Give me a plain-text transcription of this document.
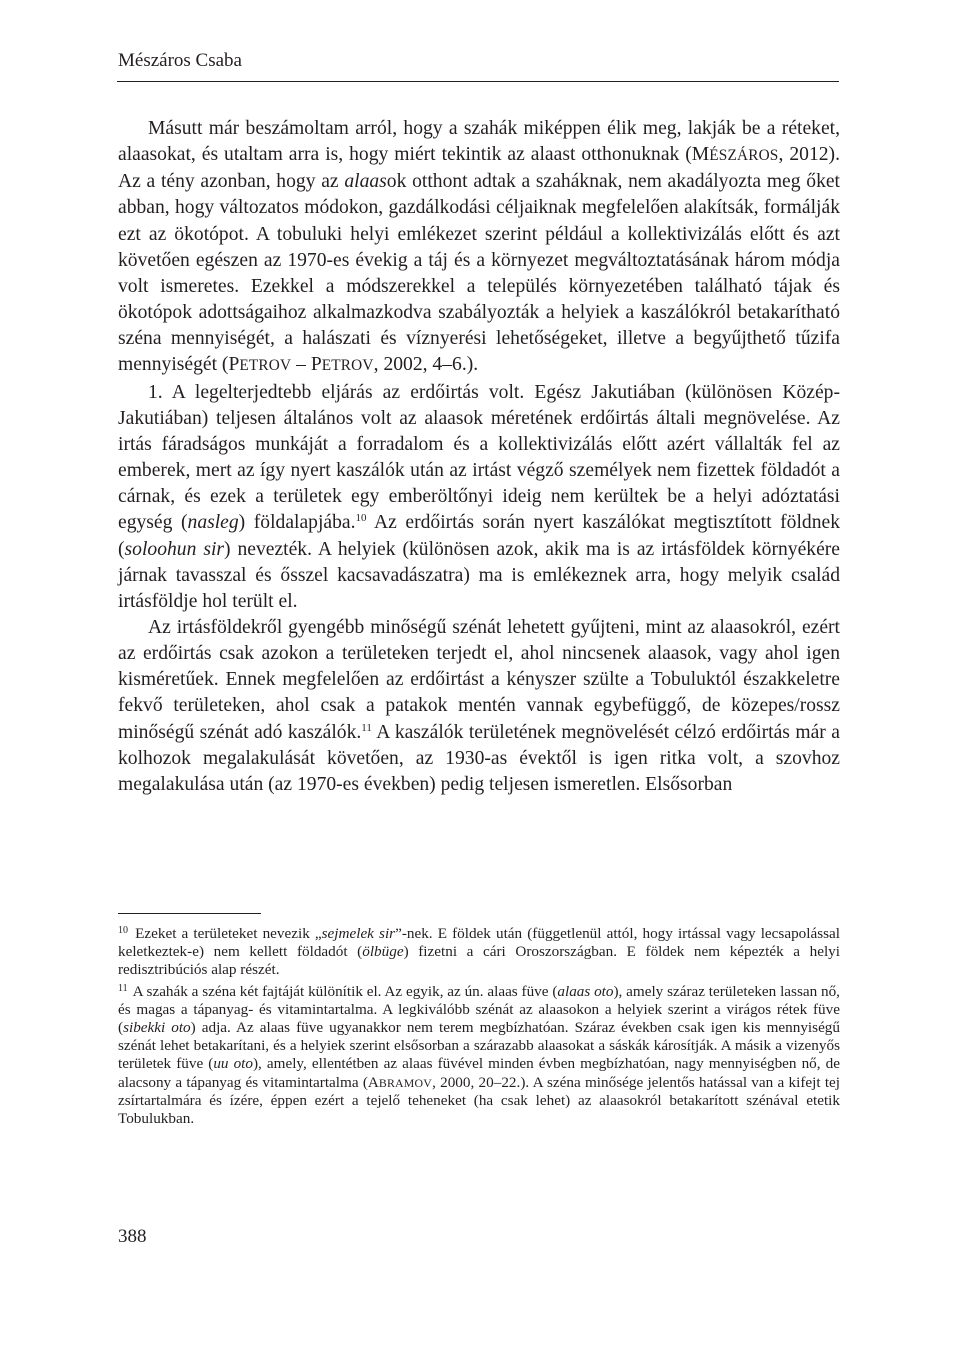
Mészáros Csaba

Másutt már beszámoltam arról, hogy a szahák miképpen élik meg, lakják be a réteket, alaasokat, és utaltam arra is, hogy miért tekintik az alaast otthonuknak (MÉSZÁROS, 2012). Az a tény azonban, hogy az alaasok otthont adtak a szaháknak, nem akadályozta meg őket abban, hogy változatos módokon, gazdálkodási céljaiknak megfelelően alakítsák, formálják ezt az ökotópot. A tobuluki helyi emlékezet szerint például a kollektivizálás előtt és azt követően egészen az 1970-es évekig a táj és a környezet megváltoztatásának három módja volt ismeretes. Ezekkel a módszerekkel a település környezetében található tájak és ökotópok adottságaihoz alkalmazkodva szabályozták a helyiek a kaszálókról betakarítható széna mennyiségét, a halászati és víznyerési lehetőségeket, illetve a begyűjthető tűzifa mennyiségét (PETROV – PETROV, 2002, 4–6.).

1. A legelterjedtebb eljárás az erdőirtás volt. Egész Jakutiában (különösen Közép-Jakutiában) teljesen általános volt az alaasok méretének erdőirtás általi megnövelése. Az irtás fáradságos munkáját a forradalom és a kollektivizálás előtt azért vállalták fel az emberek, mert az így nyert kaszálók után az irtást végző személyek nem fizettek földadót a cárnak, és ezek a területek egy emberöltőnyi ideig nem kerültek be a helyi adóztatási egység (nasleg) földalapjába.$^{10}$ Az erdőirtás során nyert kaszálókat megtisztított földnek (soloohun sir) nevezték. A helyiek (különösen azok, akik ma is az irtásföldek környékére járnak tavasszal és ősszel kacsavadászatra) ma is emlékeznek arra, hogy melyik család irtásföldje hol terült el.

Az irtásföldekről gyengébb minőségű szénát lehetett gyűjteni, mint az alaasokról, ezért az erdőirtás csak azokon a területeken terjedt el, ahol nincsenek alaasok, vagy ahol igen kisméretűek. Ennek megfelelően az erdőirtást a kényszer szülte a Tobuluktól északkeletre fekvő területeken, ahol csak a patakok mentén vannak egybefüggő, de közepes/rossz minőségű szénát adó kaszálók.$^{11}$ A kaszálók területének megnövelését célzó erdőirtás már a kolhozok megalakulását követően, az 1930-as évektől is igen ritka volt, a szovhoz megalakulása után (az 1970-es években) pedig teljesen ismeretlen. Elsősorban

$^{10}$ Ezeket a területeket nevezik „sejmelek sir”-nek. E földek után (függetlenül attól, hogy irtással vagy lecsapolással keletkeztek-e) nem kellett földadót (ölbüge) fizetni a cári Oroszországban. E földek nem képezték a helyi redisztribúciós alap részét.

$^{11}$ A szahák a széna két fajtáját különítik el. Az egyik, az ún. alaas füve (alaas oto), amely száraz területeken lassan nő, és magas a tápanyag- és vitamintartalma. A legkiválóbb szénát az alaasokon a helyiek szerint a virágos rétek füve (sibekki oto) adja. Az alaas füve ugyanakkor nem terem megbízhatóan. Száraz években csak igen kis mennyiségű szénát lehet betakarítani, és a helyiek szerint elsősorban a szárazabb alaasokat a sáskák károsítják. A másik a vizenyős területek füve (uu oto), amely, ellentétben az alaas füvével minden évben megbízhatóan, nagy mennyiségben nő, de alacsony a tápanyag és vitamintartalma (ABRAMOV, 2000, 20–22.). A széna minősége jelentős hatással van a kifejt tej zsírtartalmára és ízére, éppen ezért a tejelő teheneket (ha csak lehet) az alaasokról betakarított szénával etetik Tobulukban.

388
